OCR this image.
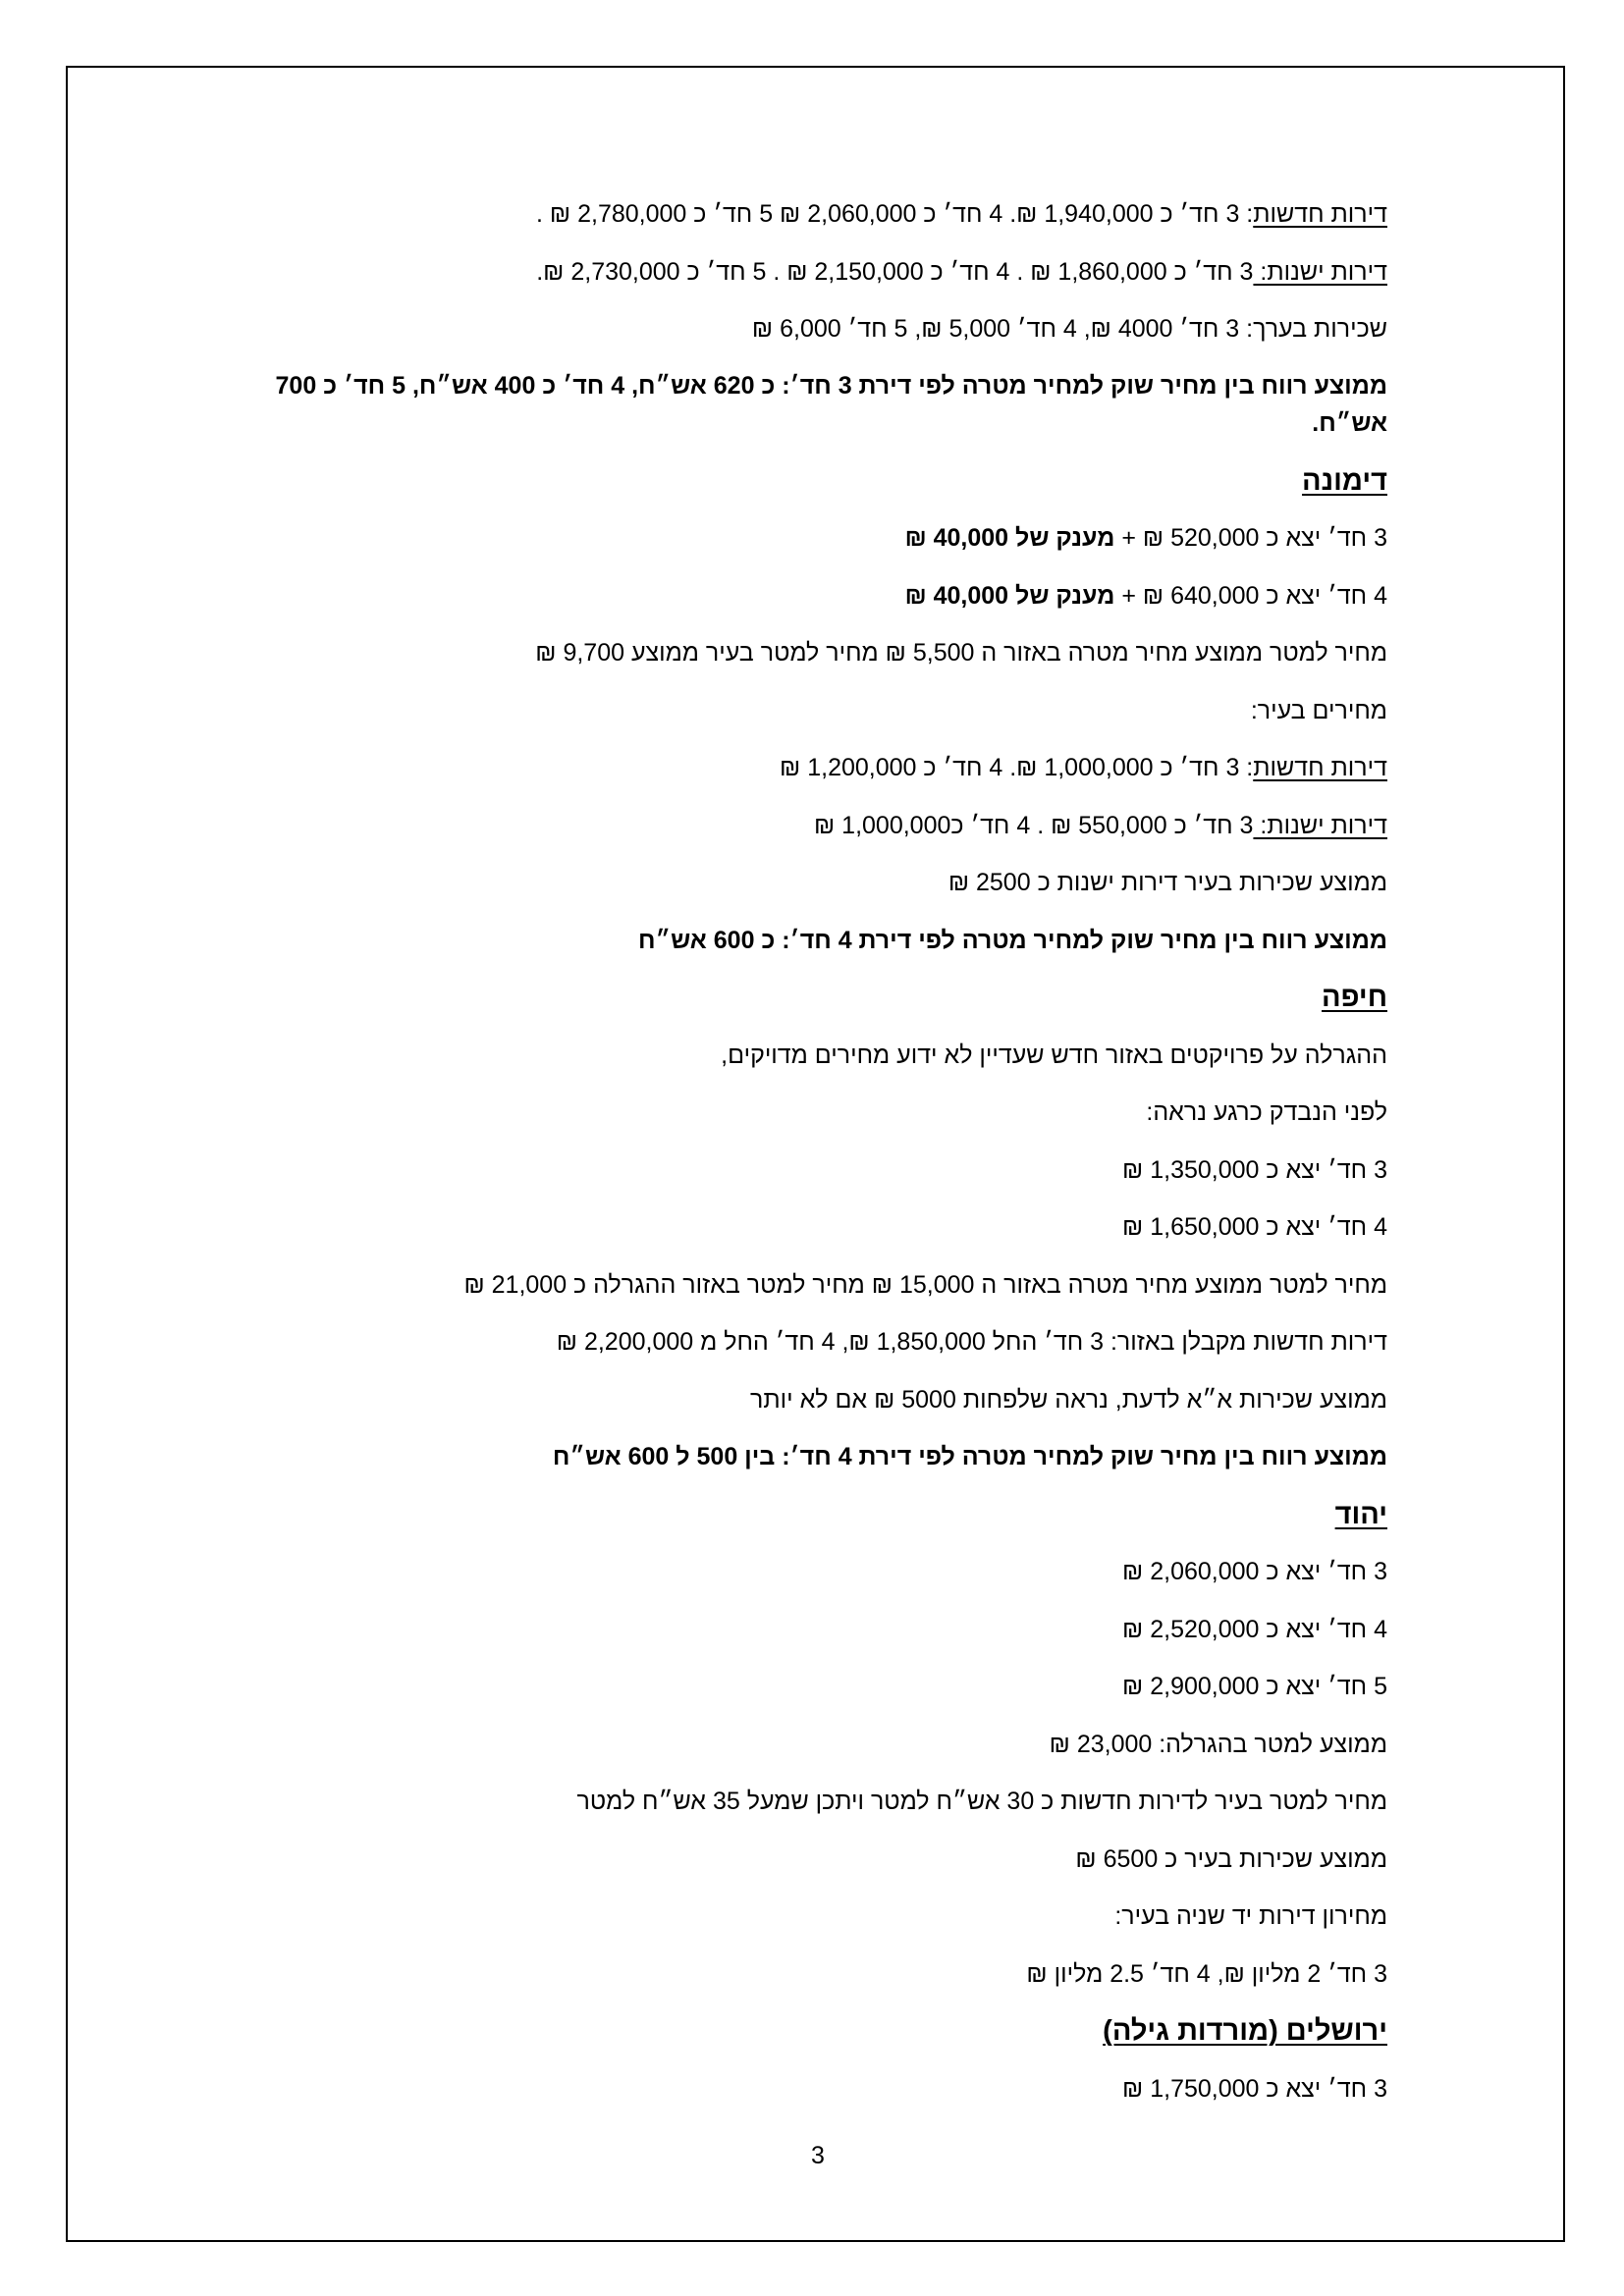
דירות חדשות: 3 חד׳ כ 1,940,000 ₪. 4 חד׳ כ 2,060,000 ₪ 5 חד׳ כ 2,780,000 ₪ .
דירות ישנות: 3 חד׳ כ 1,860,000 ₪ . 4 חד׳ כ 2,150,000 ₪ . 5 חד׳ כ 2,730,000 ₪.
שכירות בערך: 3 חד׳ 4000 ₪, 4 חד׳ 5,000 ₪, 5 חד׳ 6,000 ₪
ממוצע רווח בין מחיר שוק למחיר מטרה לפי דירת 3 חד׳: כ 620 אש״ח, 4 חד׳ כ 400 אש״ח, 5 חד׳ כ 700 אש״ח.
דימונה
3 חד׳ יצא כ 520,000 ₪ + מענק של 40,000 ₪
4 חד׳ יצא כ 640,000 ₪ + מענק של 40,000 ₪
מחיר למטר ממוצע מחיר מטרה באזור ה 5,500 ₪ מחיר למטר בעיר ממוצע 9,700 ₪
מחירים בעיר:
דירות חדשות: 3 חד׳ כ 1,000,000 ₪. 4 חד׳ כ 1,200,000 ₪
דירות ישנות: 3 חד׳ כ 550,000 ₪ . 4 חד׳ כ1,000,000 ₪
ממוצע שכירות בעיר דירות ישנות כ 2500 ₪
ממוצע רווח בין מחיר שוק למחיר מטרה לפי דירת 4 חד׳: כ 600 אש״ח
חיפה
ההגרלה על פרויקטים באזור חדש שעדיין לא ידוע מחירים מדויקים,
לפני הנבדק כרגע נראה:
3 חד׳ יצא כ 1,350,000 ₪
4 חד׳ יצא כ 1,650,000 ₪
מחיר למטר ממוצע מחיר מטרה באזור ה 15,000 ₪ מחיר למטר באזור ההגרלה כ 21,000 ₪
דירות חדשות מקבלן באזור: 3 חד׳ החל 1,850,000 ₪, 4 חד׳ החל מ 2,200,000 ₪
ממוצע שכירות א״א לדעת, נראה שלפחות 5000 ₪ אם לא יותר
ממוצע רווח בין מחיר שוק למחיר מטרה לפי דירת 4 חד׳: בין 500 ל 600 אש״ח
יהוד
3 חד׳ יצא כ 2,060,000 ₪
4 חד׳ יצא כ 2,520,000 ₪
5 חד׳ יצא כ 2,900,000 ₪
ממוצע למטר בהגרלה: 23,000 ₪
מחיר למטר בעיר לדירות חדשות כ 30 אש״ח למטר ויתכן שמעל 35 אש״ח למטר
ממוצע שכירות בעיר כ 6500 ₪
מחירון דירות יד שניה בעיר:
3 חד׳ 2 מליון ₪, 4 חד׳ 2.5 מליון ₪
ירושלים (מורדות גילה)
3 חד׳ יצא כ 1,750,000 ₪
3
